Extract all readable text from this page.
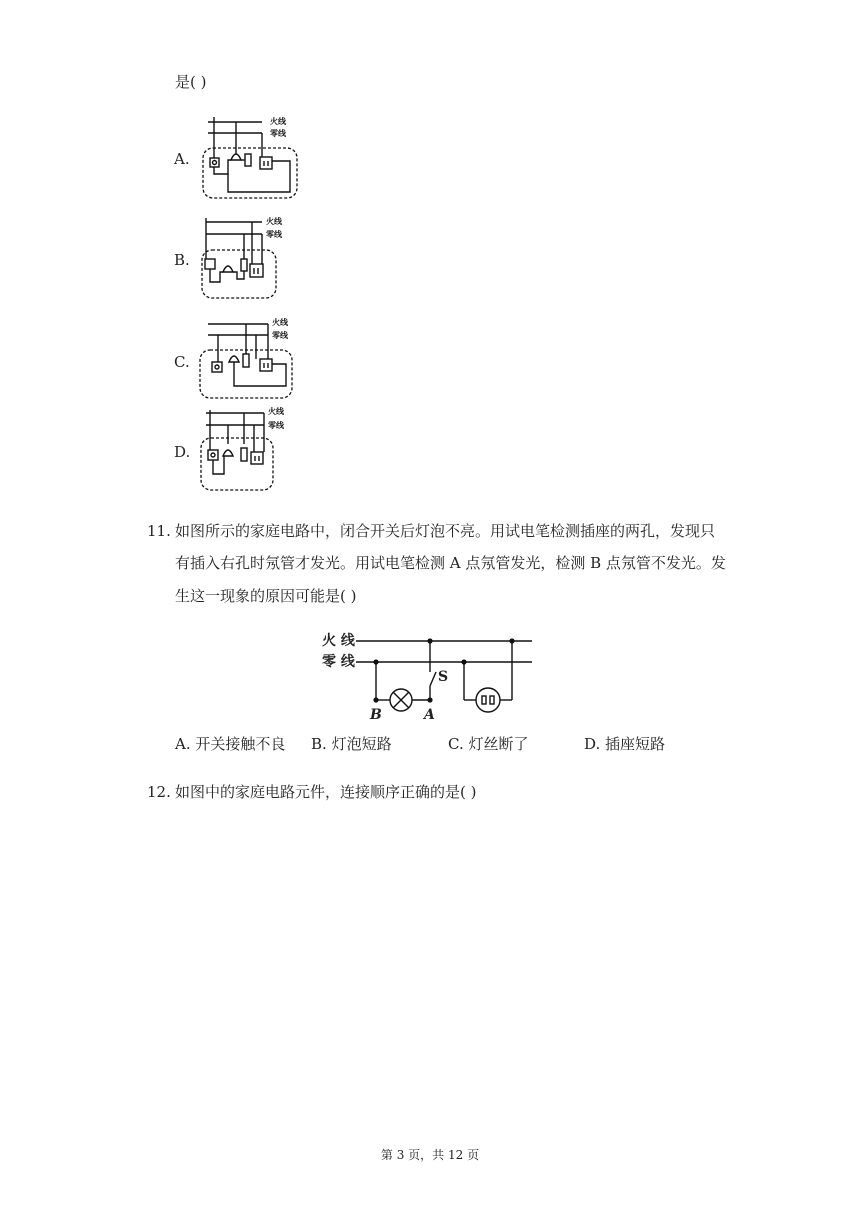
是( )
A.
火线
零线
B.
火线
零线
C.
火线
零线
D.
火线
零线
11. 如图所示的家庭电路中，闭合开关后灯泡不亮。用试电笔检测插座的两孔，发现只
有插入右孔时氖管才发光。用试电笔检测 A 点氖管发光，检测 B 点氖管不发光。发
生这一现象的原因可能是( )
火 线
零 线
S
B	A
A. 开关接触不良 B. 灯泡短路	C. 灯丝断了	D. 插座短路
12. 如图中的家庭电路元件，连接顺序正确的是( )
第 3 页，共 12 页
